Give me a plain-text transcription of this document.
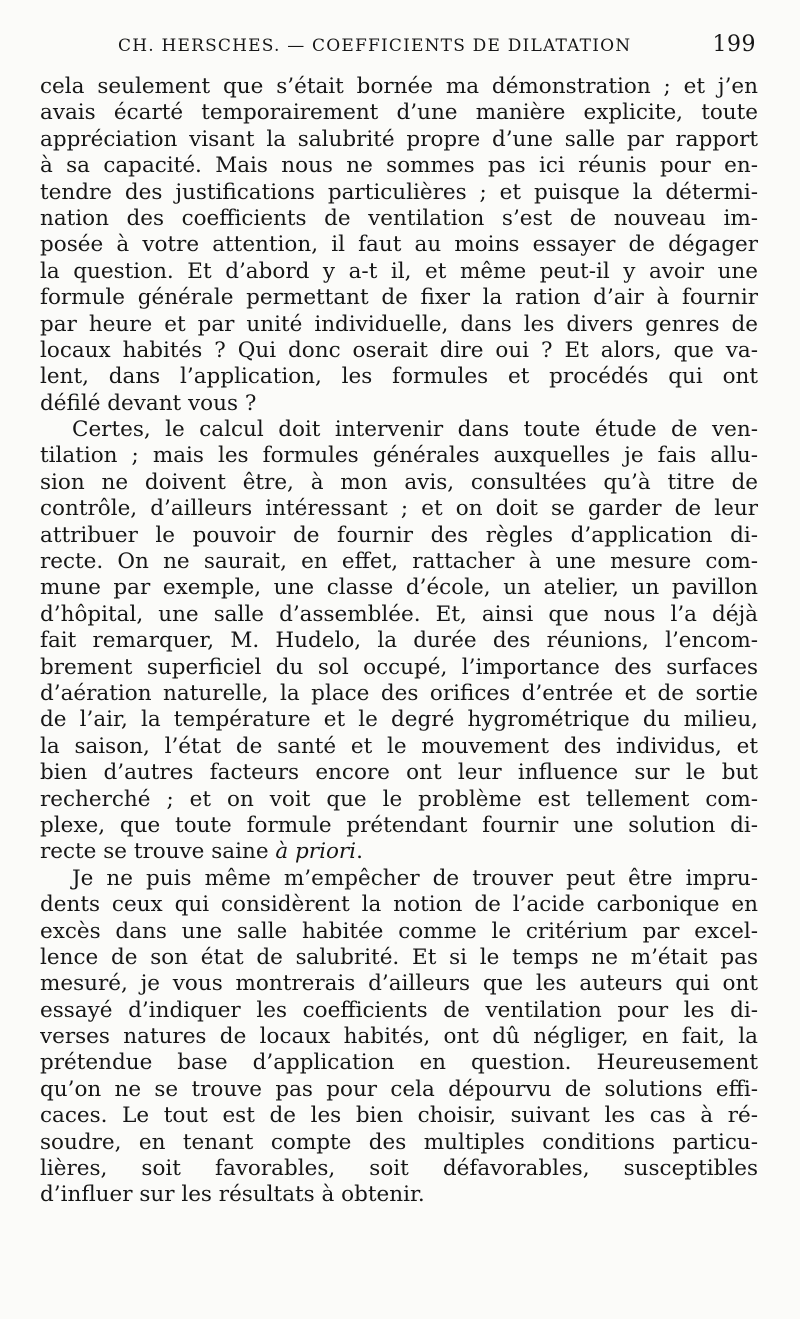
CH. HERSCHES. — COEFFICIENTS DE DILATATION	199
cela seulement que s’était bornée ma démonstration ; et j’en
avais écarté temporairement d’une manière explicite, toute
appréciation visant la salubrité propre d’une salle par rapport
à sa capacité. Mais nous ne sommes pas ici réunis pour en-
tendre des justifications particulières ; et puisque la détermi-
nation des coefficients de ventilation s’est de nouveau im-
posée à votre attention, il faut au moins essayer de dégager
la question. Et d’abord y a-t il, et même peut-il y avoir une
formule générale permettant de fixer la ration d’air à fournir
par heure et par unité individuelle, dans les divers genres de
locaux habités ? Qui donc oserait dire oui ? Et alors, que va-
lent, dans l’application, les formules et procédés qui ont
défilé devant vous ?
Certes, le calcul doit intervenir dans toute étude de ven-
tilation ; mais les formules générales auxquelles je fais allu-
sion ne doivent être, à mon avis, consultées qu’à titre de
contrôle, d’ailleurs intéressant ; et on doit se garder de leur
attribuer le pouvoir de fournir des règles d’application di-
recte. On ne saurait, en effet, rattacher à une mesure com-
mune par exemple, une classe d’école, un atelier, un pavillon
d’hôpital, une salle d’assemblée. Et, ainsi que nous l’a déjà
fait remarquer, M. Hudelo, la durée des réunions, l’encom-
brement superficiel du sol occupé, l’importance des surfaces
d’aération naturelle, la place des orifices d’entrée et de sortie
de l’air, la température et le degré hygrométrique du milieu,
la saison, l’état de santé et le mouvement des individus, et
bien d’autres facteurs encore ont leur influence sur le but
recherché ; et on voit que le problème est tellement com-
plexe, que toute formule prétendant fournir une solution di-
recte se trouve saine à priori.
Je ne puis même m’empêcher de trouver peut être impru-
dents ceux qui considèrent la notion de l’acide carbonique en
excès dans une salle habitée comme le critérium par excel-
lence de son état de salubrité. Et si le temps ne m’était pas
mesuré, je vous montrerais d’ailleurs que les auteurs qui ont
essayé d’indiquer les coefficients de ventilation pour les di-
verses natures de locaux habités, ont dû négliger, en fait, la
prétendue base d’application en question. Heureusement
qu’on ne se trouve pas pour cela dépourvu de solutions effi-
caces. Le tout est de les bien choisir, suivant les cas à ré-
soudre, en tenant compte des multiples conditions particu-
lières, soit favorables, soit défavorables, susceptibles
d’influer sur les résultats à obtenir.
